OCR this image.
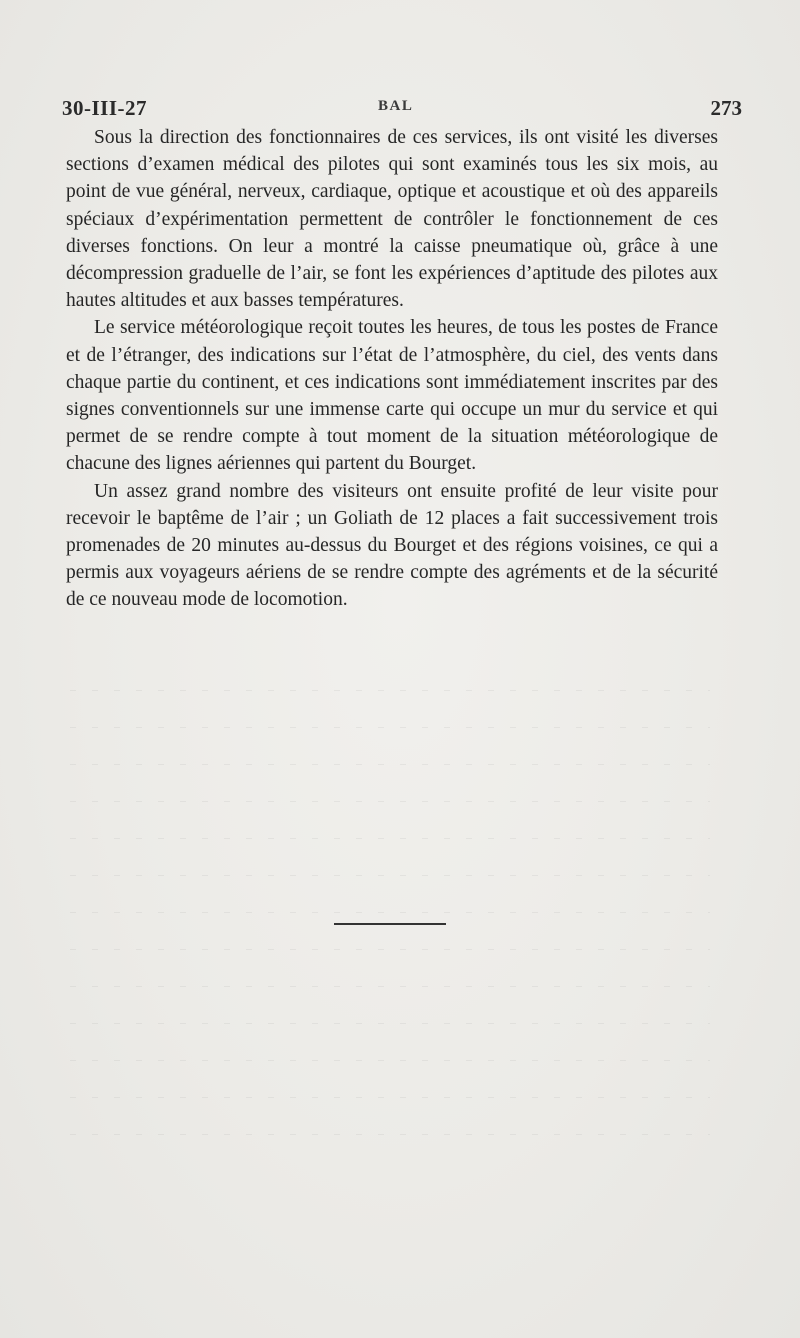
30-III-27	BAL	273

Sous la direction des fonctionnaires de ces services, ils ont visité les diverses sections d’examen médical des pilotes qui sont examinés tous les six mois, au point de vue général, nerveux, cardiaque, optique et acoustique et où des appareils spéciaux d’expérimentation permettent de contrôler le fonctionnement de ces diverses fonctions. On leur a montré la caisse pneumatique où, grâce à une décompression graduelle de l’air, se font les expériences d’aptitude des pilotes aux hautes altitudes et aux basses températures.

Le service météorologique reçoit toutes les heures, de tous les postes de France et de l’étranger, des indications sur l’état de l’atmosphère, du ciel, des vents dans chaque partie du continent, et ces indications sont immédiatement inscrites par des signes conventionnels sur une immense carte qui occupe un mur du service et qui permet de se rendre compte à tout moment de la situation météorologique de chacune des lignes aériennes qui partent du Bourget.

Un assez grand nombre des visiteurs ont ensuite profité de leur visite pour recevoir le baptême de l’air ; un Goliath de 12 places a fait successivement trois promenades de 20 minutes au-dessus du Bourget et des régions voisines, ce qui a permis aux voyageurs aériens de se rendre compte des agréments et de la sécurité de ce nouveau mode de locomotion.
